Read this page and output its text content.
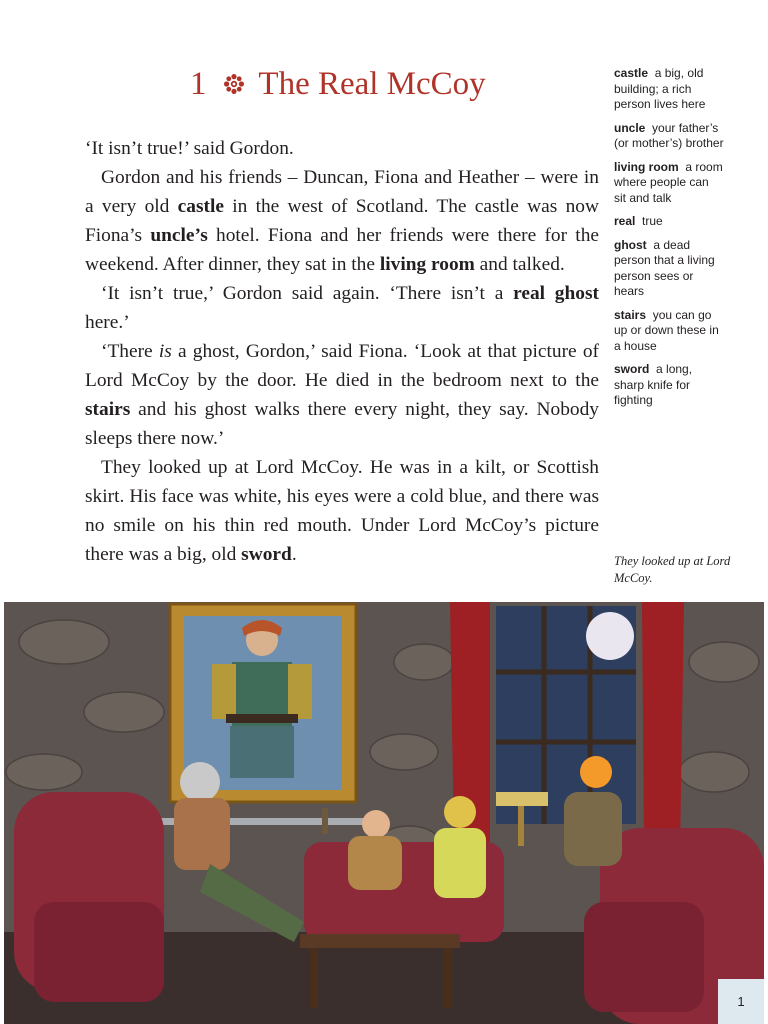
1 The Real McCoy

‘It isn’t true!’ said Gordon.

Gordon and his friends – Duncan, Fiona and Heather – were in a very old castle in the west of Scotland. The castle was now Fiona’s uncle’s hotel. Fiona and her friends were there for the weekend. After dinner, they sat in the living room and talked.

‘It isn’t true,’ Gordon said again. ‘There isn’t a real ghost here.’

‘There is a ghost, Gordon,’ said Fiona. ‘Look at that picture of Lord McCoy by the door. He died in the bedroom next to the stairs and his ghost walks there every night, they say. Nobody sleeps there now.’

They looked up at Lord McCoy. He was in a kilt, or Scottish skirt. His face was white, his eyes were a cold blue, and there was no smile on his thin red mouth. Under Lord McCoy’s picture there was a big, old sword.

castle a big, old building; a rich person lives here
uncle your father’s (or mother’s) brother
living room a room where people can sit and talk
real true
ghost a dead person that a living person sees or hears
stairs you can go up or down these in a house
sword a long, sharp knife for fighting
They looked up at Lord McCoy.
1
